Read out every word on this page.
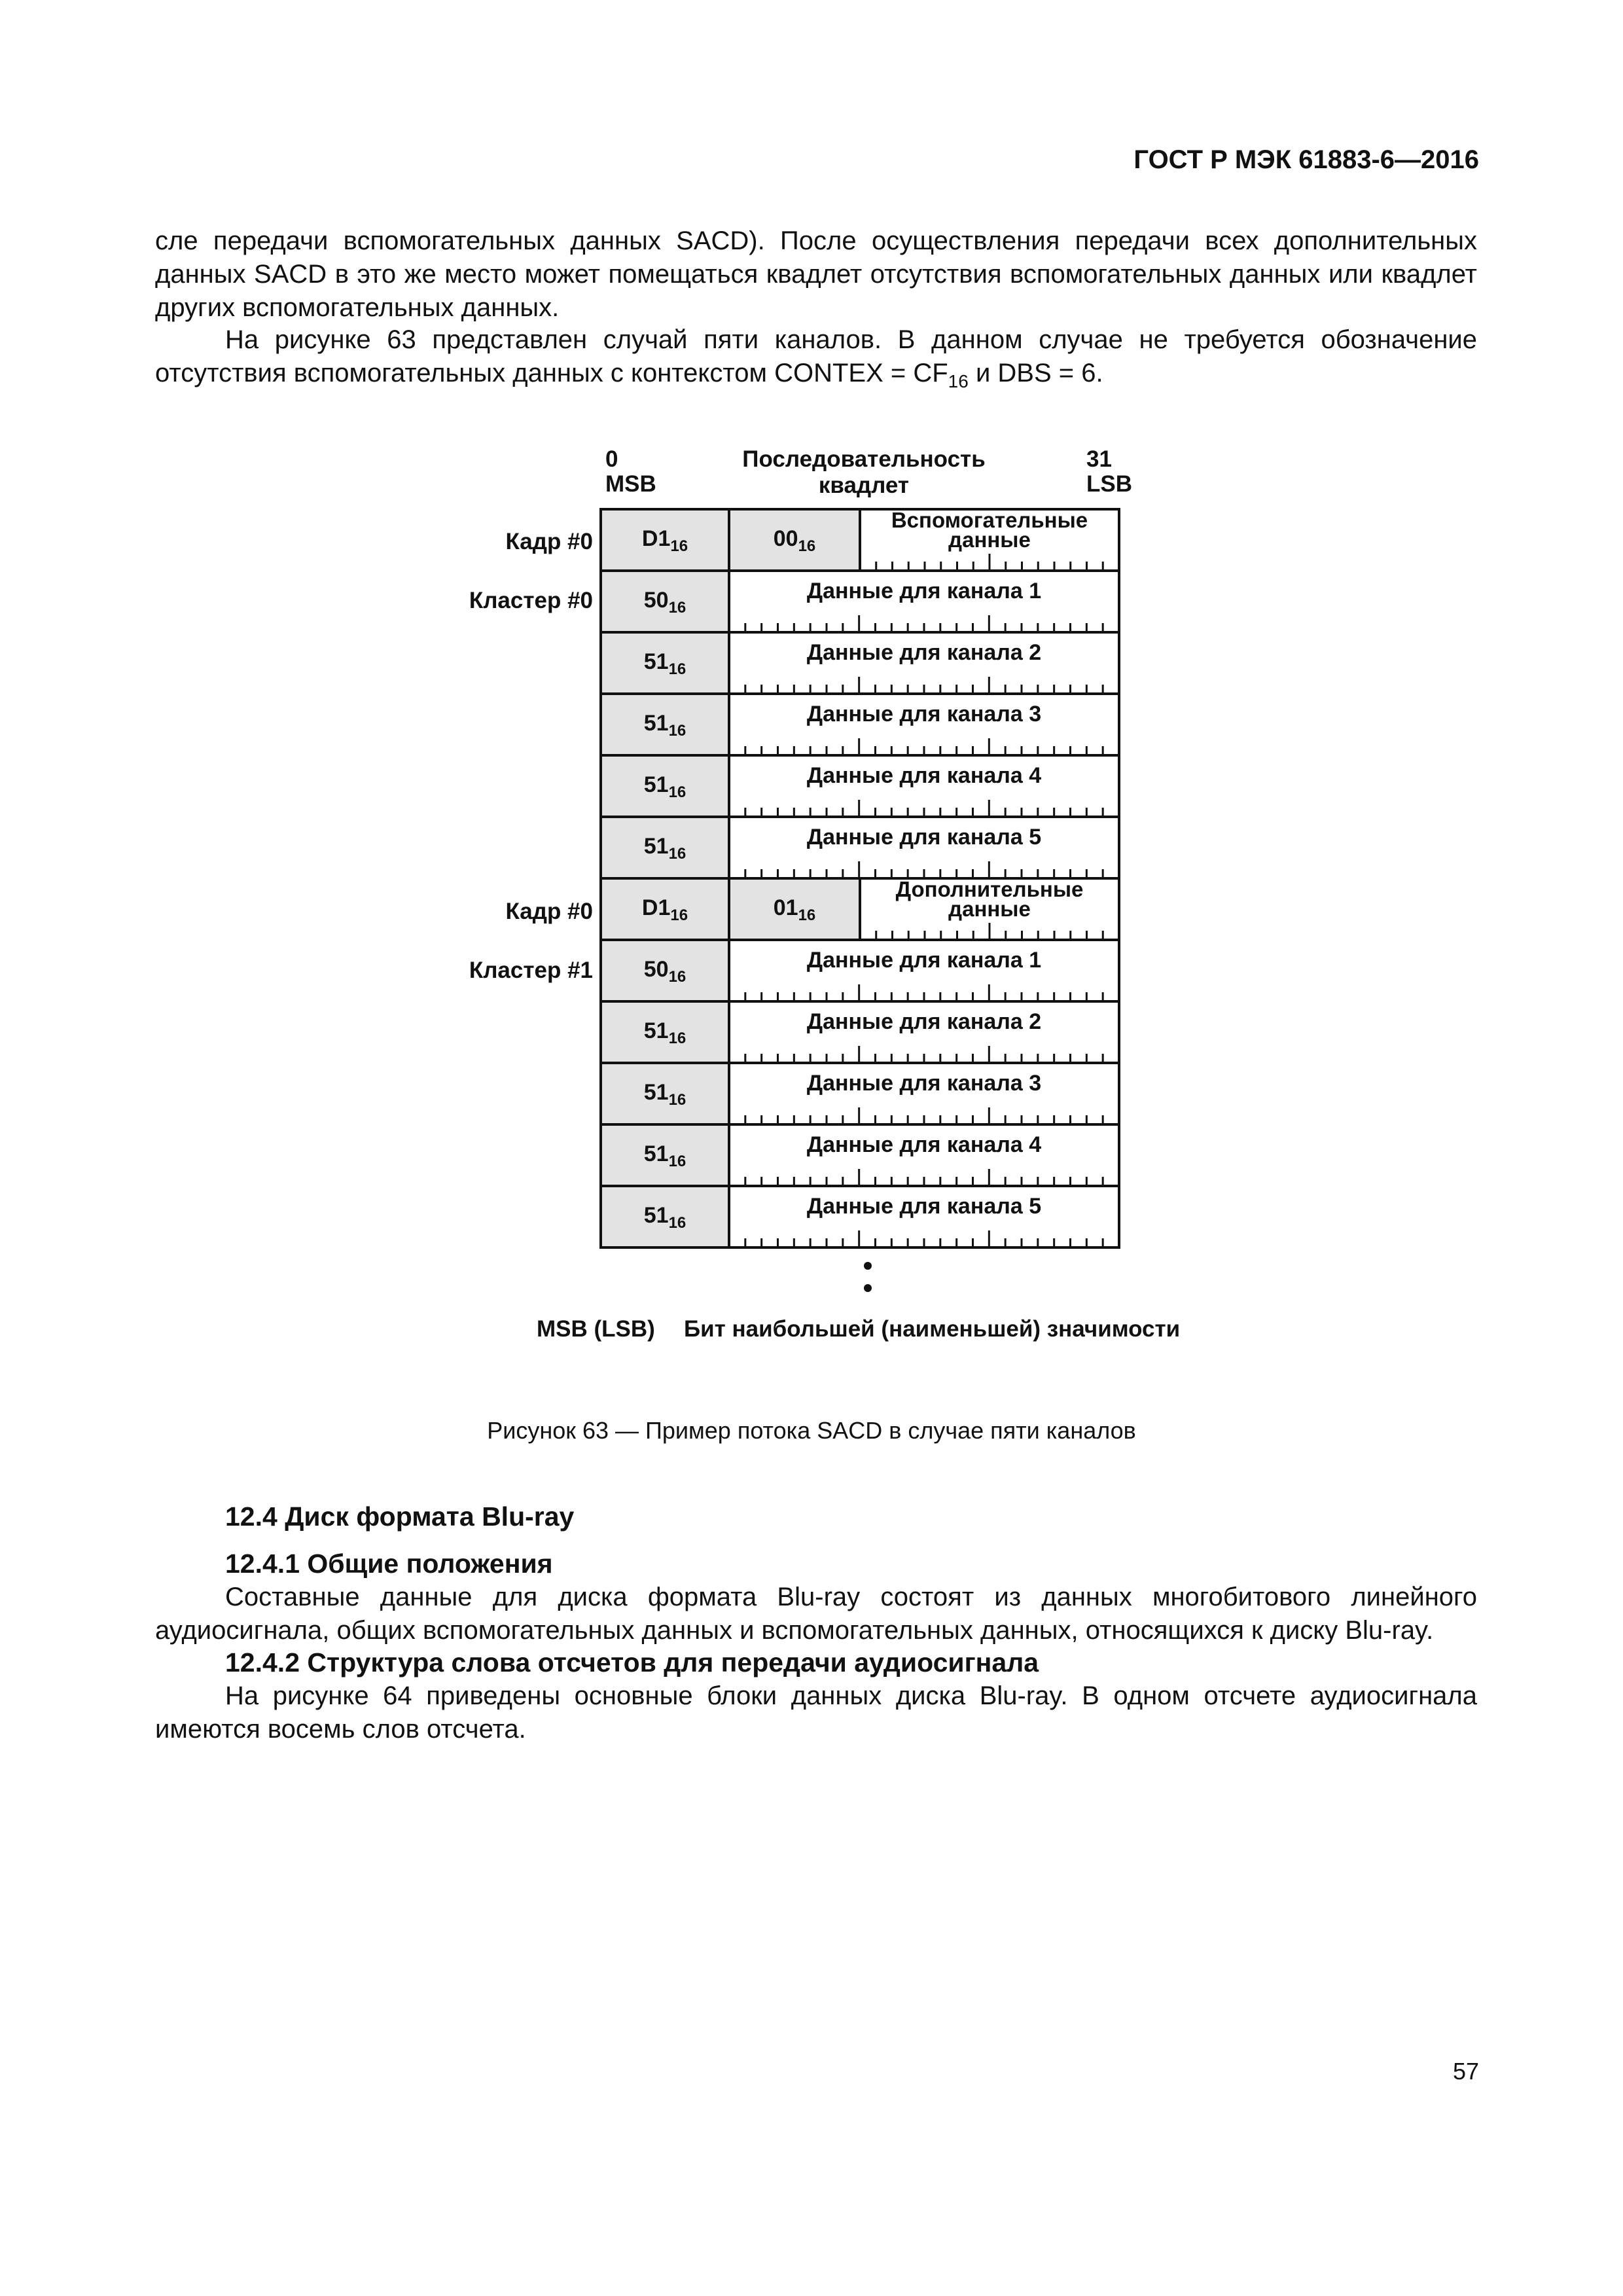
ГОСТ Р МЭК 61883-6—2016

сле передачи вспомогательных данных SACD). После осуществления передачи всех дополнительных данных SACD в это же место может помещаться квадлет отсутствия вспомогательных данных или квадлет других вспомогательных данных.

На рисунке 63 представлен случай пяти каналов. В данном случае не требуется обозначение отсутствия вспомогательных данных с контекстом CONTEX = $CF_{16}$ и DBS = 6.

0
MSB
Последовательность квадлет
31
LSB
Кадр #0
Кластер #0
Кадр #0
Кластер #1
$D1_{16}$	$00_{16}$
Вспомогательные
данные
$50_{16}$
Данные для канала 1
$51_{16}$
Данные для канала 2
$51_{16}$
Данные для канала 3
$51_{16}$
Данные для канала 4
$51_{16}$
Данные для канала 5
$D1_{16}$	$01_{16}$
Дополнительные
данные
$50_{16}$
Данные для канала 1
$51_{16}$
Данные для канала 2
$51_{16}$
Данные для канала 3
$51_{16}$
Данные для канала 4
$51_{16}$
Данные для канала 5
MSB (LSB) Бит наибольшей (наименьшей) значимости
Рисунок 63 — Пример потока SACD в случае пяти каналов
12.4 Диск формата Blu-ray
12.4.1 Общие положения

Составные данные для диска формата Blu-ray состоят из данных многобитового линейного аудиосигнала, общих вспомогательных данных и вспомогательных данных, относящихся к диску Blu-ray.

12.4.2 Структура слова отсчетов для передачи аудиосигнала

На рисунке 64 приведены основные блоки данных диска Blu-ray. В одном отсчете аудиосигнала имеются восемь слов отсчета.

57
